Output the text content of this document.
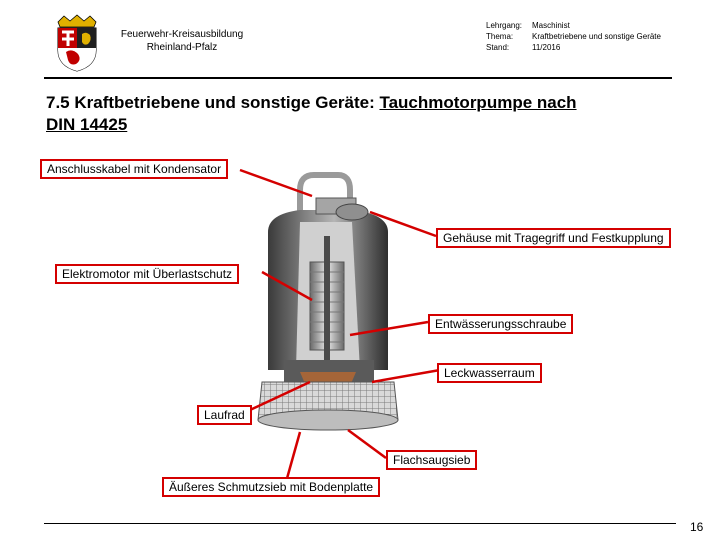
Feuerwehr-Kreisausbildung
Rheinland-Pfalz
Lehrgang:	Maschinist
Thema:	Kraftbetriebene und sonstige Geräte
Stand:	11/2016
7.5 Kraftbetriebene und sonstige Geräte: Tauchmotorpumpe nach
DIN 14425
Anschlusskabel mit Kondensator
Gehäuse mit Tragegriff und Festkupplung
Elektromotor mit Überlastschutz
Entwässerungsschraube
Leckwasserraum
Laufrad
Flachsaugsieb
Äußeres Schmutzsieb mit Bodenplatte
16
